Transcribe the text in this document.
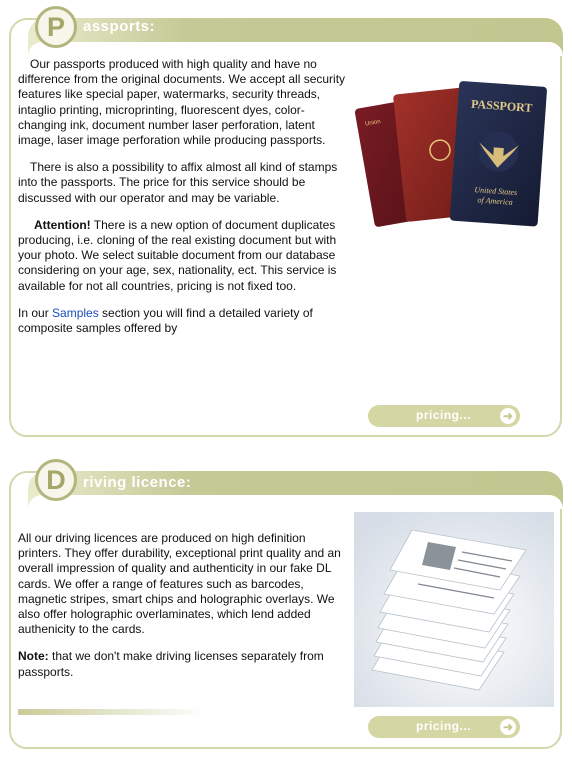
P	assports:

Our passports produced with high quality and have no difference from the original documents. We accept all security features like special paper, watermarks, security threads, intaglio printing, microprinting, fluorescent dyes, color-changing ink, document number laser perforation, latent image, laser image perforation while producing passports.

There is also a possibility to affix almost all kind of stamps into the passports. The price for this service should be discussed with our operator and may be variable.

Attention! There is a new option of document duplicates producing, i.e. cloning of the real existing document but with your photo. We select suitable document from our database considering on your age, sex, nationality, ect. This service is available for not all countries, pricing is not fixed too.

In our Samples section you will find a detailed variety of composite samples offered by

Union
PASSPORT
United States
of America
pricing...	➜
D	riving licence:

All our driving licences are produced on high definition printers. They offer durability, exceptional print quality and an overall impression of quality and authenticity in our fake DL cards. We offer a range of features such as barcodes, magnetic stripes, smart chips and holographic overlays. We also offer holographic overlaminates, which lend added authenicity to the cards.

Note: that we don't make driving licenses separately from passports.

pricing...	➜
